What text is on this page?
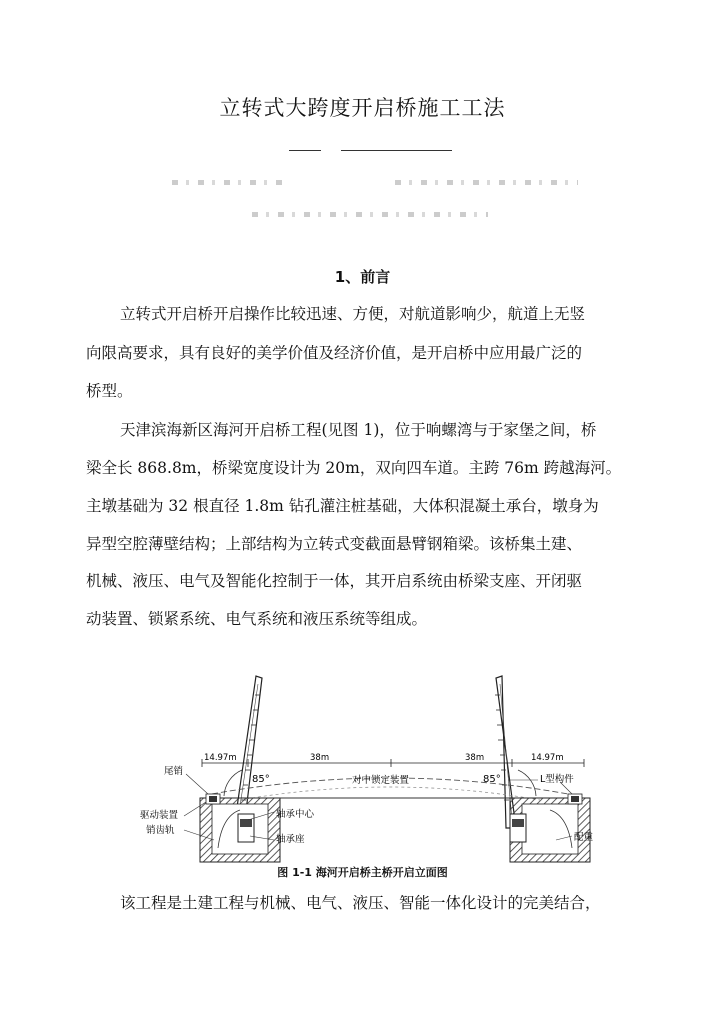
立转式大跨度开启桥施工工法
1、前言
立转式开启桥开启操作比较迅速、方便，对航道影响少，航道上无竖
向限高要求，具有良好的美学价值及经济价值，是开启桥中应用最广泛的
桥型。
天津滨海新区海河开启桥工程(见图 1)，位于响螺湾与于家堡之间，桥
梁全长 868.8m，桥梁宽度设计为 20m，双向四车道。主跨 76m 跨越海河。
主墩基础为 32 根直径 1.8m 钻孔灌注桩基础，大体积混凝土承台，墩身为
异型空腔薄壁结构；上部结构为立转式变截面悬臂钢箱梁。该桥集土建、
机械、液压、电气及智能化控制于一体，其开启系统由桥梁支座、开闭驱
动装置、锁紧系统、电气系统和液压系统等组成。
14.97m	38m	38m	14.97m
85°	85°
尾销
对中锁定装置	L型构件
轴承中心
驱动装置
销齿轨
轴承座	配重
图 1-1 海河开启桥主桥开启立面图
该工程是土建工程与机械、电气、液压、智能一体化设计的完美结合，
